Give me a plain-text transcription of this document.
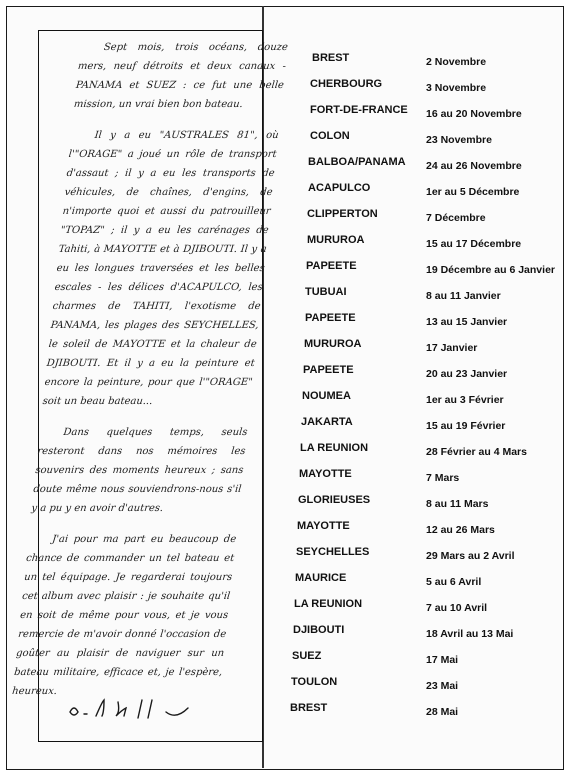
Sept mois, trois océans, douze mers, neuf détroits et deux canaux - PANAMA et SUEZ : ce fut une belle mission, un vrai bien bon bateau.

Il y a eu "AUSTRALES 81", où l'"ORAGE" a joué un rôle de transport d'assaut ; il y a eu les transports de véhicules, de chaînes, d'engins, de n'importe quoi et aussi du patrouilleur "TOPAZ" ; il y a eu les carénages de Tahiti, à MAYOTTE et à DJIBOUTI. Il y a eu les longues traversées et les belles escales - les délices d'ACAPULCO, les charmes de TAHITI, l'exotisme de PANAMA, les plages des SEYCHELLES, le soleil de MAYOTTE et la chaleur de DJIBOUTI. Et il y a eu la peinture et encore la peinture, pour que l'"ORAGE" soit un beau bateau...

Dans quelques temps, seuls resteront dans nos mémoires les souvenirs des moments heureux ; sans doute même nous souviendrons-nous s'il y a pu y en avoir d'autres.

J'ai pour ma part eu beaucoup de chance de commander un tel bateau et un tel équipage. Je regarderai toujours cet album avec plaisir : je souhaite qu'il en soit de même pour vous, et je vous remercie de m'avoir donné l'occasion de goûter au plaisir de naviguer sur un bateau militaire, efficace et, je l'espère, heureux.

BREST	2 Novembre
CHERBOURG	3 Novembre
FORT-DE-FRANCE 16 au 20 Novembre
COLON	23 Novembre
BALBOA/PANAMA 24 au 26 Novembre
ACAPULCO	1er au 5 Décembre
CLIPPERTON	7 Décembre
MURUROA	15 au 17 Décembre
PAPEETE	19 Décembre au 6 Janvier
TUBUAI	8 au 11 Janvier
PAPEETE	13 au 15 Janvier
MURUROA	17 Janvier
PAPEETE	20 au 23 Janvier
NOUMEA	1er au 3 Février
JAKARTA	15 au 19 Février
LA REUNION	28 Février au 4 Mars
MAYOTTE	7 Mars
GLORIEUSES	8 au 11 Mars
MAYOTTE	12 au 26 Mars
SEYCHELLES	29 Mars au 2 Avril
MAURICE	5 au 6 Avril
LA REUNION	7 au 10 Avril
DJIBOUTI	18 Avril au 13 Mai
SUEZ	17 Mai
TOULON	23 Mai
BREST	28 Mai
